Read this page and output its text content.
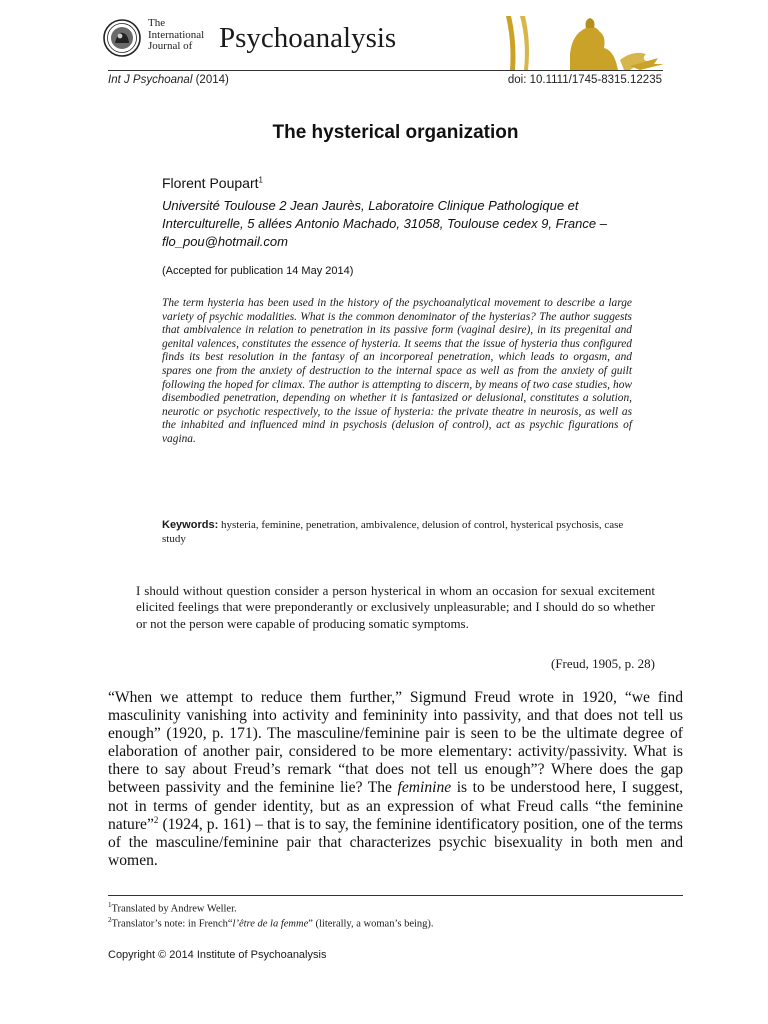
The
International
Journal of Psychoanalysis
Int J Psychoanal (2014)	doi: 10.1111/1745-8315.12235
The hysterical organization
Florent Poupart$^1$
Université Toulouse 2 Jean Jaurès, Laboratoire Clinique Pathologique et Interculturelle, 5 allées Antonio Machado, 31058, Toulouse cedex 9, France – flo_pou@hotmail.com
(Accepted for publication 14 May 2014)
The term hysteria has been used in the history of the psychoanalytical movement to describe a large variety of psychic modalities. What is the common denominator of the hysterias? The author suggests that ambivalence in relation to penetration in its passive form (vaginal desire), in its pregenital and genital valences, constitutes the essence of hysteria. It seems that the issue of hysteria thus configured finds its best resolution in the fantasy of an incorporeal penetration, which leads to orgasm, and spares one from the anxiety of destruction to the internal space as well as from the anxiety of guilt following the hoped for climax. The author is attempting to discern, by means of two case studies, how disembodied penetration, depending on whether it is fantasized or delusional, constitutes a solution, neurotic or psychotic respectively, to the issue of hysteria: the private theatre in neurosis, as well as the inhabited and influenced mind in psychosis (delusion of control), act as psychic figurations of vagina.
Keywords: hysteria, feminine, penetration, ambivalence, delusion of control, hysterical psychosis, case study
I should without question consider a person hysterical in whom an occasion for sexual excitement elicited feelings that were preponderantly or exclusively unpleasurable; and I should do so whether or not the person were capable of producing somatic symptoms.
(Freud, 1905, p. 28)
“When we attempt to reduce them further,” Sigmund Freud wrote in 1920, “we find masculinity vanishing into activity and femininity into passivity, and that does not tell us enough” (1920, p. 171). The masculine/feminine pair is seen to be the ultimate degree of elaboration of another pair, considered to be more elementary: activity/passivity. What is there to say about Freud’s remark “that does not tell us enough”? Where does the gap between passivity and the feminine lie? The feminine is to be understood here, I suggest, not in terms of gender identity, but as an expression of what Freud calls “the feminine nature”$^2$ (1924, p. 161) – that is to say, the feminine identificatory position, one of the terms of the masculine/feminine pair that characterizes psychic bisexuality in both men and women.
$^1$Translated by Andrew Weller.
$^2$Translator’s note: in French“l’être de la femme” (literally, a woman’s being).
Copyright © 2014 Institute of Psychoanalysis
